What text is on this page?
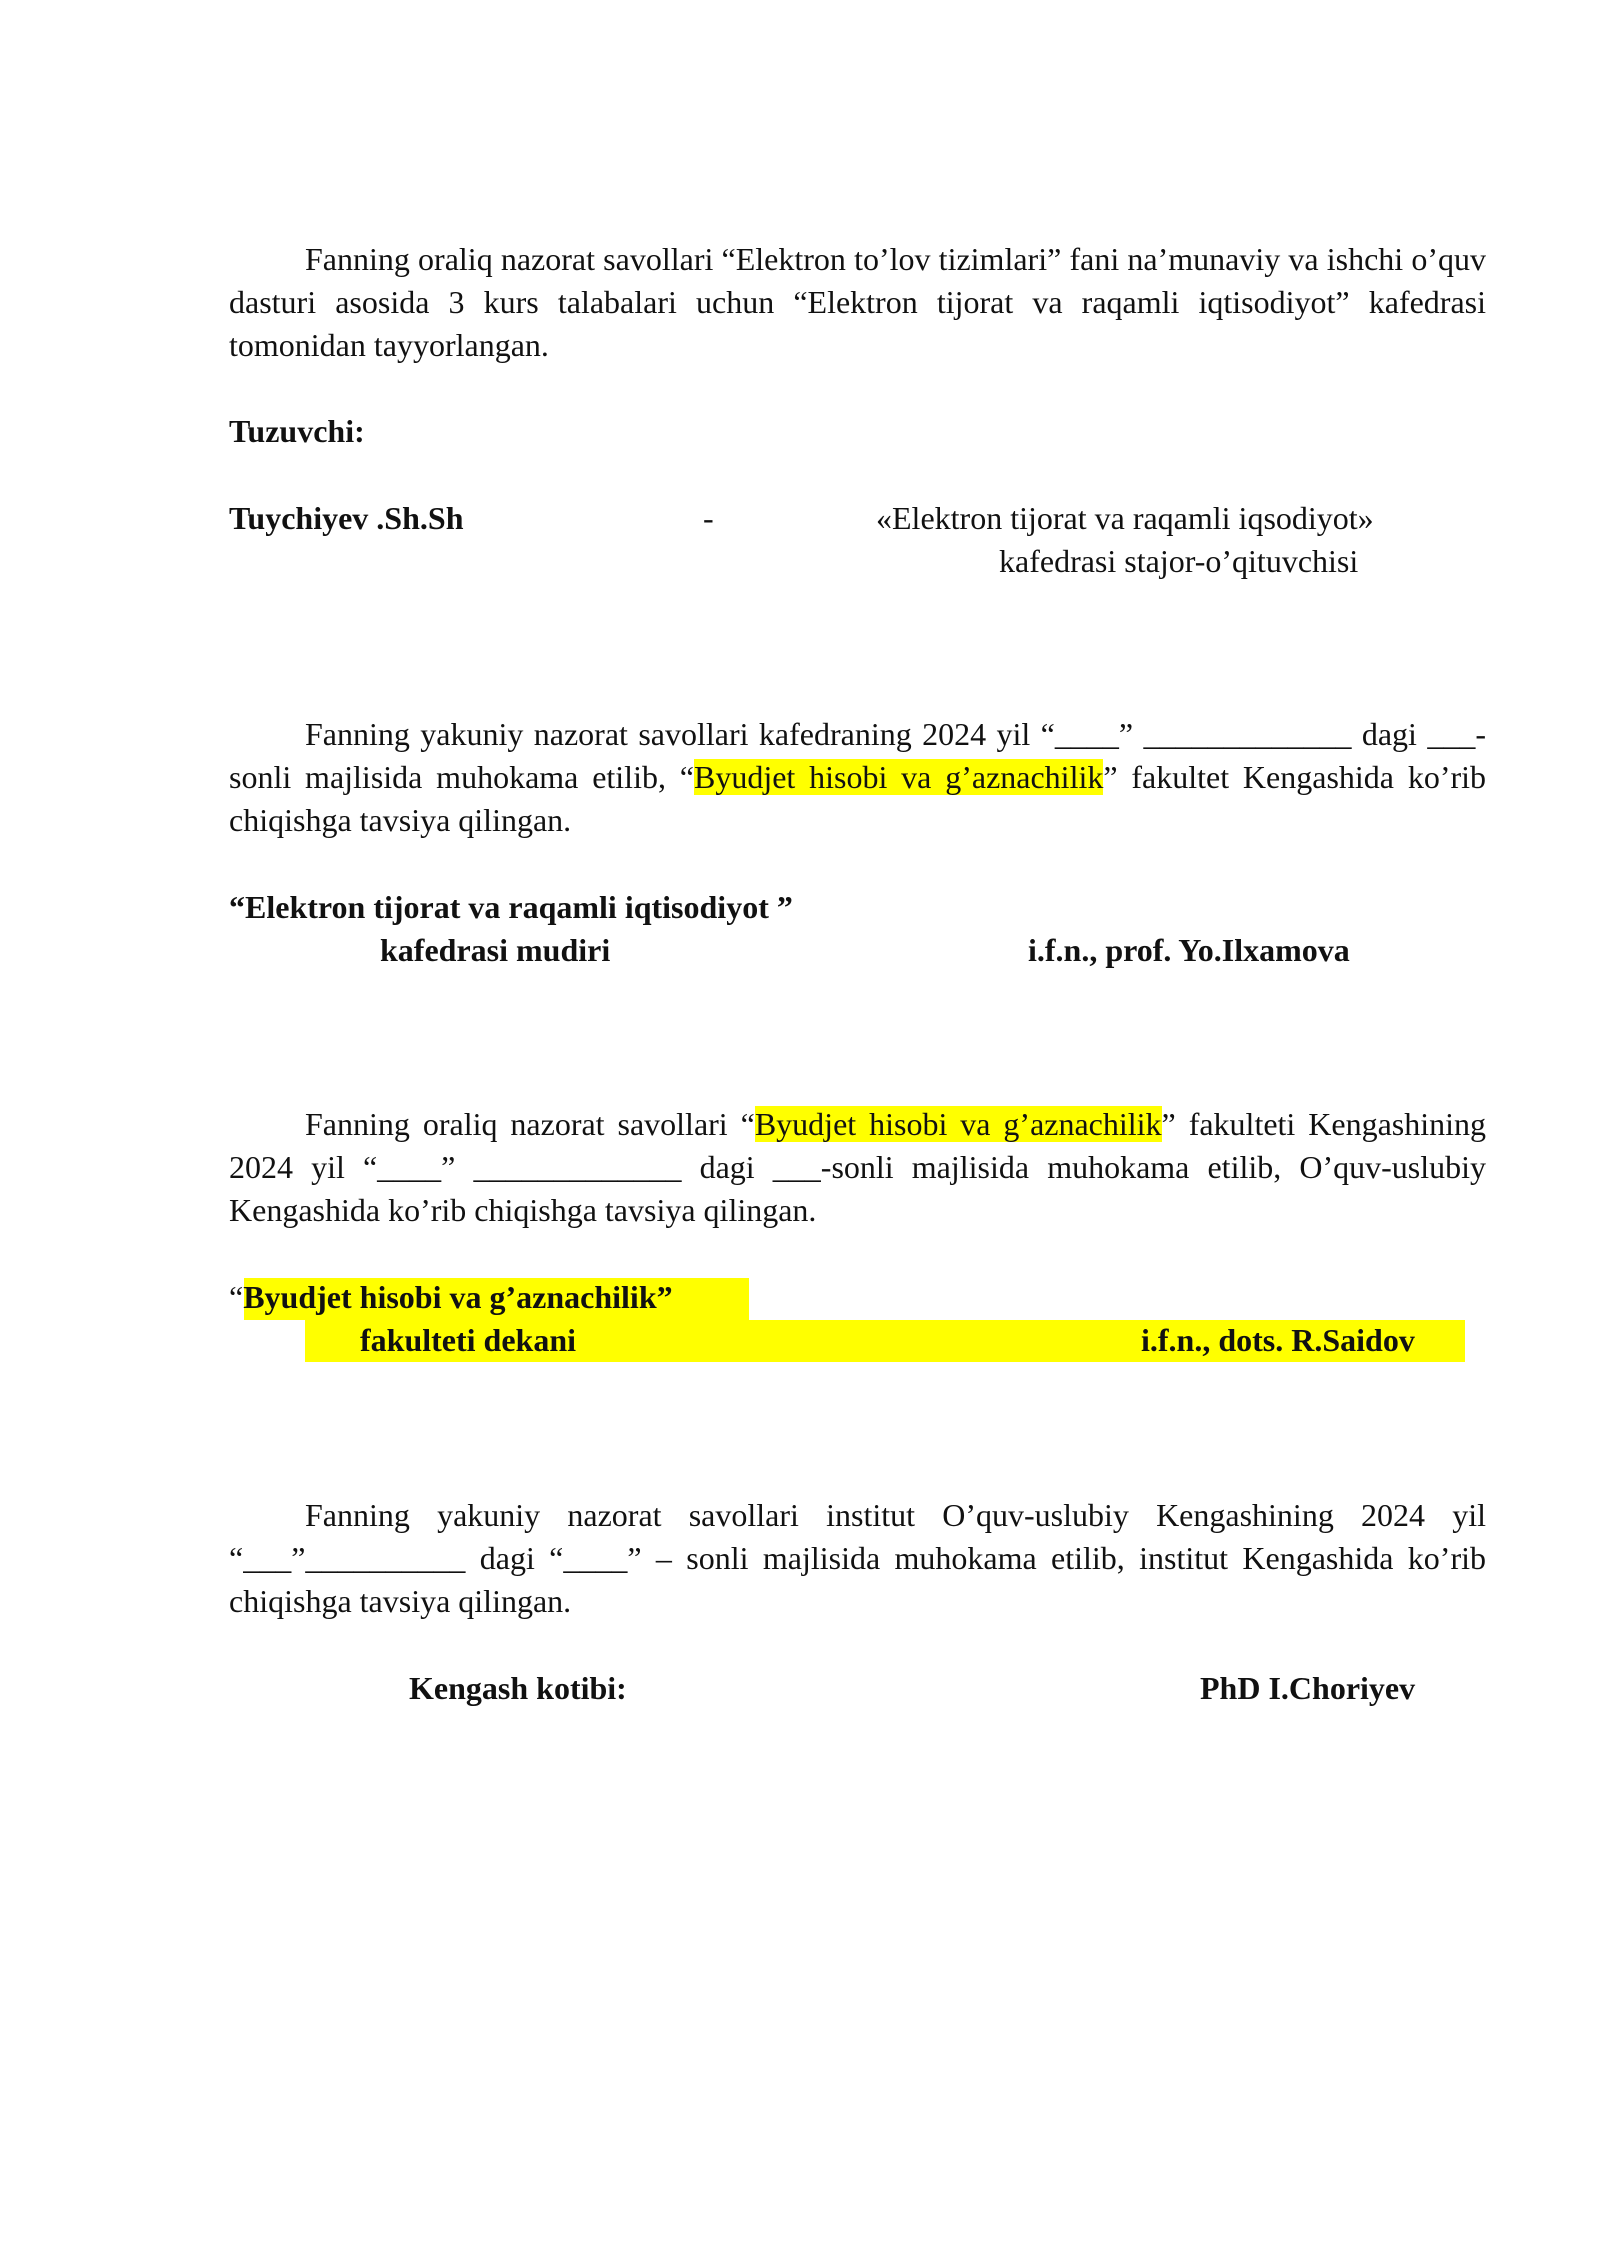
Fanning oraliq nazorat savollari “Elektron to’lov tizimlari” fani na’munaviy va ishchi o’quv dasturi asosida 3 kurs talabalari uchun “Elektron tijorat va raqamli iqtisodiyot” kafedrasi tomonidan tayyorlangan.
Tuzuvchi:
Tuychiyev .Sh.Sh	-	«Elektron tijorat va raqamli iqsodiyot»
kafedrasi stajor-o’qituvchisi
Fanning yakuniy nazorat savollari kafedraning 2024 yil “____” _____________ dagi ___-sonli majlisida muhokama etilib, “Byudjet hisobi va g’aznachilik” fakultet Kengashida ko’rib chiqishga tavsiya qilingan.
“Elektron tijorat va raqamli iqtisodiyot ”
kafedrasi mudiri	i.f.n., prof. Yo.Ilxamova
Fanning oraliq nazorat savollari “Byudjet hisobi va g’aznachilik” fakulteti Kengashining 2024 yil “____” _____________ dagi ___-sonli majlisida muhokama etilib, O’quv-uslubiy Kengashida ko’rib chiqishga tavsiya qilingan.
“Byudjet hisobi va g’aznachilik”
fakulteti dekani	i.f.n., dots. R.Saidov
Fanning yakuniy nazorat savollari institut O’quv-uslubiy Kengashining 2024 yil “___”__________ dagi “____” – sonli majlisida muhokama etilib, institut Kengashida ko’rib chiqishga tavsiya qilingan.
Kengash kotibi:	PhD I.Choriyev
